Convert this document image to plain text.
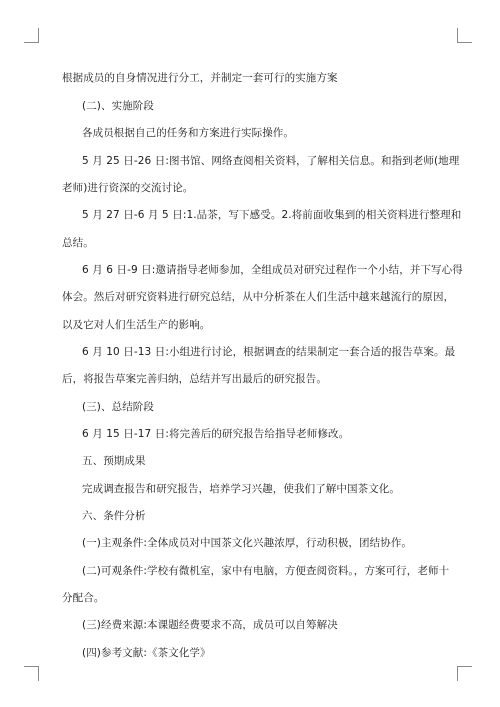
根据成员的自身情况进行分工，并制定一套可行的实施方案
(二)、实施阶段
各成员根据自己的任务和方案进行实际操作。
5 月 25 日-26 日:图书馆、网络查阅相关资料，了解相关信息。和指到老师(地理
老师)进行资深的交流讨论。
5 月 27 日-6 月 5 日:1.品茶，写下感受。2.将前面收集到的相关资料进行整理和
总结。
6 月 6 日-9 日:邀请指导老师参加，全组成员对研究过程作一个小结，并下写心得
体会。然后对研究资料进行研究总结，从中分析茶在人们生活中越来越流行的原因，
以及它对人们生活生产的影响。
6 月 10 日-13 日:小组进行讨论，根据调查的结果制定一套合适的报告草案。最
后，将报告草案完善归纳，总结并写出最后的研究报告。
(三)、总结阶段
6 月 15 日-17 日:将完善后的研究报告给指导老师修改。
五、预期成果
完成调查报告和研究报告，培养学习兴趣，使我们了解中国茶文化。
六、条件分析
(一)主观条件:全体成员对中国茶文化兴趣浓厚，行动积极，团结协作。
(二)可观条件:学校有微机室，家中有电脑，方便查阅资料。，方案可行，老师十
分配合。
(三)经费来源:本课题经费要求不高，成员可以自筹解决
(四)参考文献:《茶文化学》
